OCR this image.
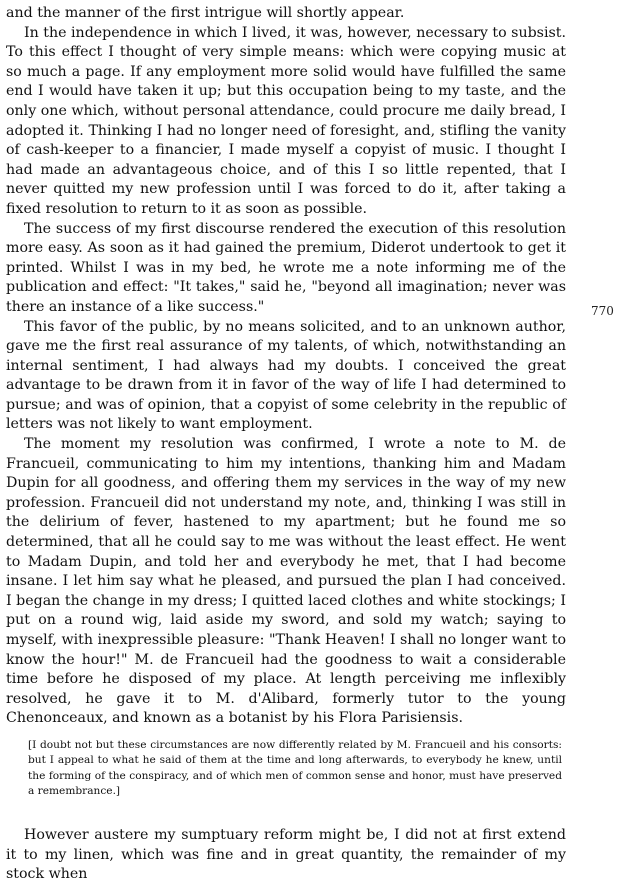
and the manner of the first intrigue will shortly appear.

In the independence in which I lived, it was, however, necessary to subsist. To this effect I thought of very simple means: which were copying music at so much a page. If any employment more solid would have fulfilled the same end I would have taken it up; but this occupation being to my taste, and the only one which, without personal attendance, could procure me daily bread, I adopted it. Thinking I had no longer need of foresight, and, stifling the vanity of cash-keeper to a financier, I made myself a copyist of music. I thought I had made an advantageous choice, and of this I so little repented, that I never quitted my new profession until I was forced to do it, after taking a fixed resolution to return to it as soon as possible.

The success of my first discourse rendered the execution of this resolution more easy. As soon as it had gained the premium, Diderot undertook to get it printed. Whilst I was in my bed, he wrote me a note informing me of the publication and effect: "It takes," said he, "beyond all imagination; never was there an instance of a like success."

This favor of the public, by no means solicited, and to an unknown author, gave me the first real assurance of my talents, of which, notwithstanding an internal sentiment, I had always had my doubts. I conceived the great advantage to be drawn from it in favor of the way of life I had determined to pursue; and was of opinion, that a copyist of some celebrity in the republic of letters was not likely to want employment.

The moment my resolution was confirmed, I wrote a note to M. de Francueil, communicating to him my intentions, thanking him and Madam Dupin for all goodness, and offering them my services in the way of my new profession. Francueil did not understand my note, and, thinking I was still in the delirium of fever, hastened to my apartment; but he found me so determined, that all he could say to me was without the least effect. He went to Madam Dupin, and told her and everybody he met, that I had become insane. I let him say what he pleased, and pursued the plan I had conceived. I began the change in my dress; I quitted laced clothes and white stockings; I put on a round wig, laid aside my sword, and sold my watch; saying to myself, with inexpressible pleasure: "Thank Heaven! I shall no longer want to know the hour!" M. de Francueil had the goodness to wait a considerable time before he disposed of my place. At length perceiving me inflexibly resolved, he gave it to M. d'Alibard, formerly tutor to the young Chenonceaux, and known as a botanist by his Flora Parisiensis.

[I doubt not but these circumstances are now differently related by M. Francueil and his consorts: but I appeal to what he said of them at the time and long afterwards, to everybody he knew, until the forming of the conspiracy, and of which men of common sense and honor, must have preserved a remembrance.]

However austere my sumptuary reform might be, I did not at first extend it to my linen, which was fine and in great quantity, the remainder of my stock when

770
